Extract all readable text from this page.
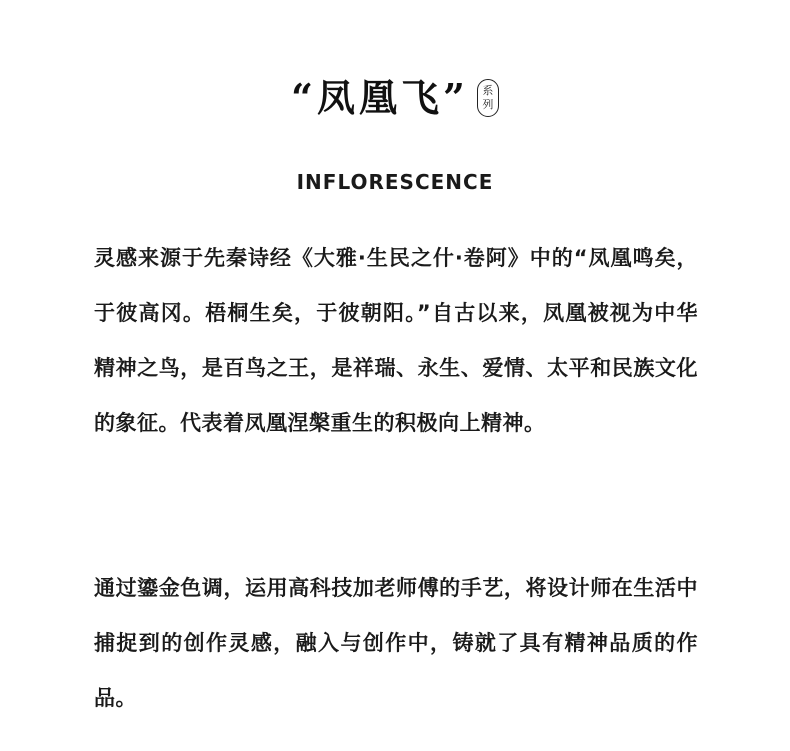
“凤凰飞” 系
列
INFLORESCENCE

灵感来源于先秦诗经《大雅·生民之什·卷阿》中的“凤凰鸣矣，于彼高冈。梧桐生矣，于彼朝阳。”自古以来，凤凰被视为中华精神之鸟，是百鸟之王，是祥瑞、永生、爱情、太平和民族文化的象征。代表着凤凰涅槃重生的积极向上精神。

通过鎏金色调，运用高科技加老师傅的手艺，将设计师在生活中捕捉到的创作灵感，融入与创作中，铸就了具有精神品质的作品。
